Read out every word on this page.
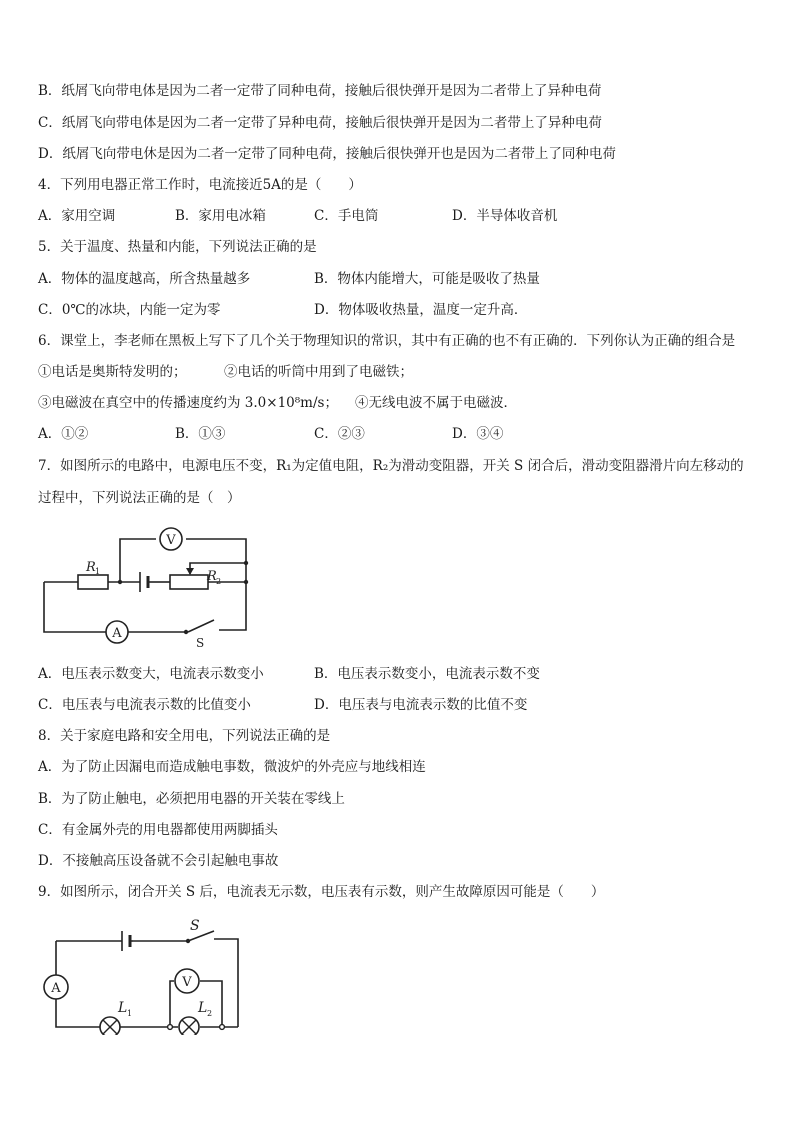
B．纸屑飞向带电体是因为二者一定带了同种电荷，接触后很快弹开是因为二者带上了异种电荷
C．纸屑飞向带电体是因为二者一定带了异种电荷，接触后很快弹开是因为二者带上了异种电荷
D．纸屑飞向带电休是因为二者一定带了同种电荷，接触后很快弹开也是因为二者带上了同种电荷
4．下列用电器正常工作时，电流接近5A的是（　　）
A．家用空调	B．家用电冰箱	C．手电筒	D．半导体收音机
5．关于温度、热量和内能，下列说法正确的是
A．物体的温度越高，所含热量越多	B．物体内能增大，可能是吸收了热量
C．0℃的冰块，内能一定为零	D．物体吸收热量，温度一定升高．
6．课堂上，李老师在黑板上写下了几个关于物理知识的常识，其中有正确的也不有正确的．下列你认为正确的组合是
①电话是奥斯特发明的；	②电话的听筒中用到了电磁铁；
③电磁波在真空中的传播速度约为 3.0×10⁸m/s； ④无线电波不属于电磁波．
A．①②	B．①③	C．②③	D．③④
7．如图所示的电路中，电源电压不变，R₁为定值电阻，R₂为滑动变阻器，开关 S 闭合后，滑动变阻器滑片向左移动的
过程中，下列说法正确的是（　）
V
A
R 1	R 2
S
A．电压表示数变大，电流表示数变小	B．电压表示数变小，电流表示数不变
C．电压表与电流表示数的比值变小	D．电压表与电流表示数的比值不变
8．关于家庭电路和安全用电，下列说法正确的是
A．为了防止因漏电而造成触电事数，微波炉的外壳应与地线相连
B．为了防止触电，必须把用电器的开关装在零线上
C．有金属外壳的用电器都使用两脚插头
D．不接触高压设备就不会引起触电事故
9．如图所示，闭合开关 S 后，电流表无示数，电压表有示数，则产生故障原因可能是（　　）
A	V
S
L 1	L 2
